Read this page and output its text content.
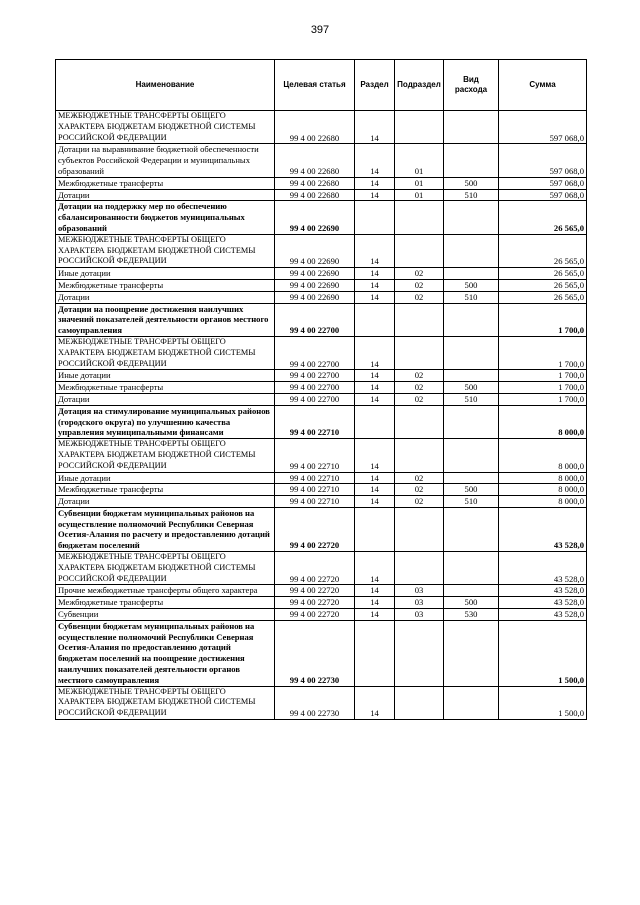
397
Наименование	Целевая статья	Раздел	Подраздел	Вид расхода	Сумма
МЕЖБЮДЖЕТНЫЕ ТРАНСФЕРТЫ ОБЩЕГО ХАРАКТЕРА БЮДЖЕТАМ БЮДЖЕТНОЙ СИСТЕМЫ РОССИЙСКОЙ ФЕДЕРАЦИИ	99 4 00 22680	14			597 068,0
Дотации на выравнивание бюджетной обеспеченности субъектов Российской Федерации и муниципальных образований	99 4 00 22680	14	01		597 068,0
Межбюджетные трансферты	99 4 00 22680	14	01	500	597 068,0
Дотации	99 4 00 22680	14	01	510	597 068,0
Дотации на поддержку мер по обеспечению сбалансированности бюджетов муниципальных образований	99 4 00 22690				26 565,0
МЕЖБЮДЖЕТНЫЕ ТРАНСФЕРТЫ ОБЩЕГО ХАРАКТЕРА БЮДЖЕТАМ БЮДЖЕТНОЙ СИСТЕМЫ РОССИЙСКОЙ ФЕДЕРАЦИИ	99 4 00 22690	14			26 565,0
Иные дотации	99 4 00 22690	14	02		26 565,0
Межбюджетные трансферты	99 4 00 22690	14	02	500	26 565,0
Дотации	99 4 00 22690	14	02	510	26 565,0
Дотации на поощрение достижения наилучших значений показателей деятельности органов местного самоуправления	99 4 00 22700				1 700,0
МЕЖБЮДЖЕТНЫЕ ТРАНСФЕРТЫ ОБЩЕГО ХАРАКТЕРА БЮДЖЕТАМ БЮДЖЕТНОЙ СИСТЕМЫ РОССИЙСКОЙ ФЕДЕРАЦИИ	99 4 00 22700	14			1 700,0
Иные дотации	99 4 00 22700	14	02		1 700,0
Межбюджетные трансферты	99 4 00 22700	14	02	500	1 700,0
Дотации	99 4 00 22700	14	02	510	1 700,0
Дотация на стимулирование муниципальных районов (городского округа) по улучшению качества управления муниципальными финансами	99 4 00 22710				8 000,0
МЕЖБЮДЖЕТНЫЕ ТРАНСФЕРТЫ ОБЩЕГО ХАРАКТЕРА БЮДЖЕТАМ БЮДЖЕТНОЙ СИСТЕМЫ РОССИЙСКОЙ ФЕДЕРАЦИИ	99 4 00 22710	14			8 000,0
Иные дотации	99 4 00 22710	14	02		8 000,0
Межбюджетные трансферты	99 4 00 22710	14	02	500	8 000,0
Дотации	99 4 00 22710	14	02	510	8 000,0
Субвенции бюджетам муниципальных районов на осуществление полномочий Республики Северная Осетия-Алания по расчету и предоставлению дотаций бюджетам поселений	99 4 00 22720				43 528,0
МЕЖБЮДЖЕТНЫЕ ТРАНСФЕРТЫ ОБЩЕГО ХАРАКТЕРА БЮДЖЕТАМ БЮДЖЕТНОЙ СИСТЕМЫ РОССИЙСКОЙ ФЕДЕРАЦИИ	99 4 00 22720	14			43 528,0
Прочие межбюджетные трансферты общего характера	99 4 00 22720	14	03		43 528,0
Межбюджетные трансферты	99 4 00 22720	14	03	500	43 528,0
Субвенции	99 4 00 22720	14	03	530	43 528,0
Субвенции бюджетам муниципальных районов на осуществление полномочий Республики Северная Осетия-Алания по предоставлению дотаций бюджетам поселений на поощрение достижения наилучших показателей деятельности органов местного самоуправления	99 4 00 22730				1 500,0
МЕЖБЮДЖЕТНЫЕ ТРАНСФЕРТЫ ОБЩЕГО ХАРАКТЕРА БЮДЖЕТАМ БЮДЖЕТНОЙ СИСТЕМЫ РОССИЙСКОЙ ФЕДЕРАЦИИ	99 4 00 22730	14			1 500,0
